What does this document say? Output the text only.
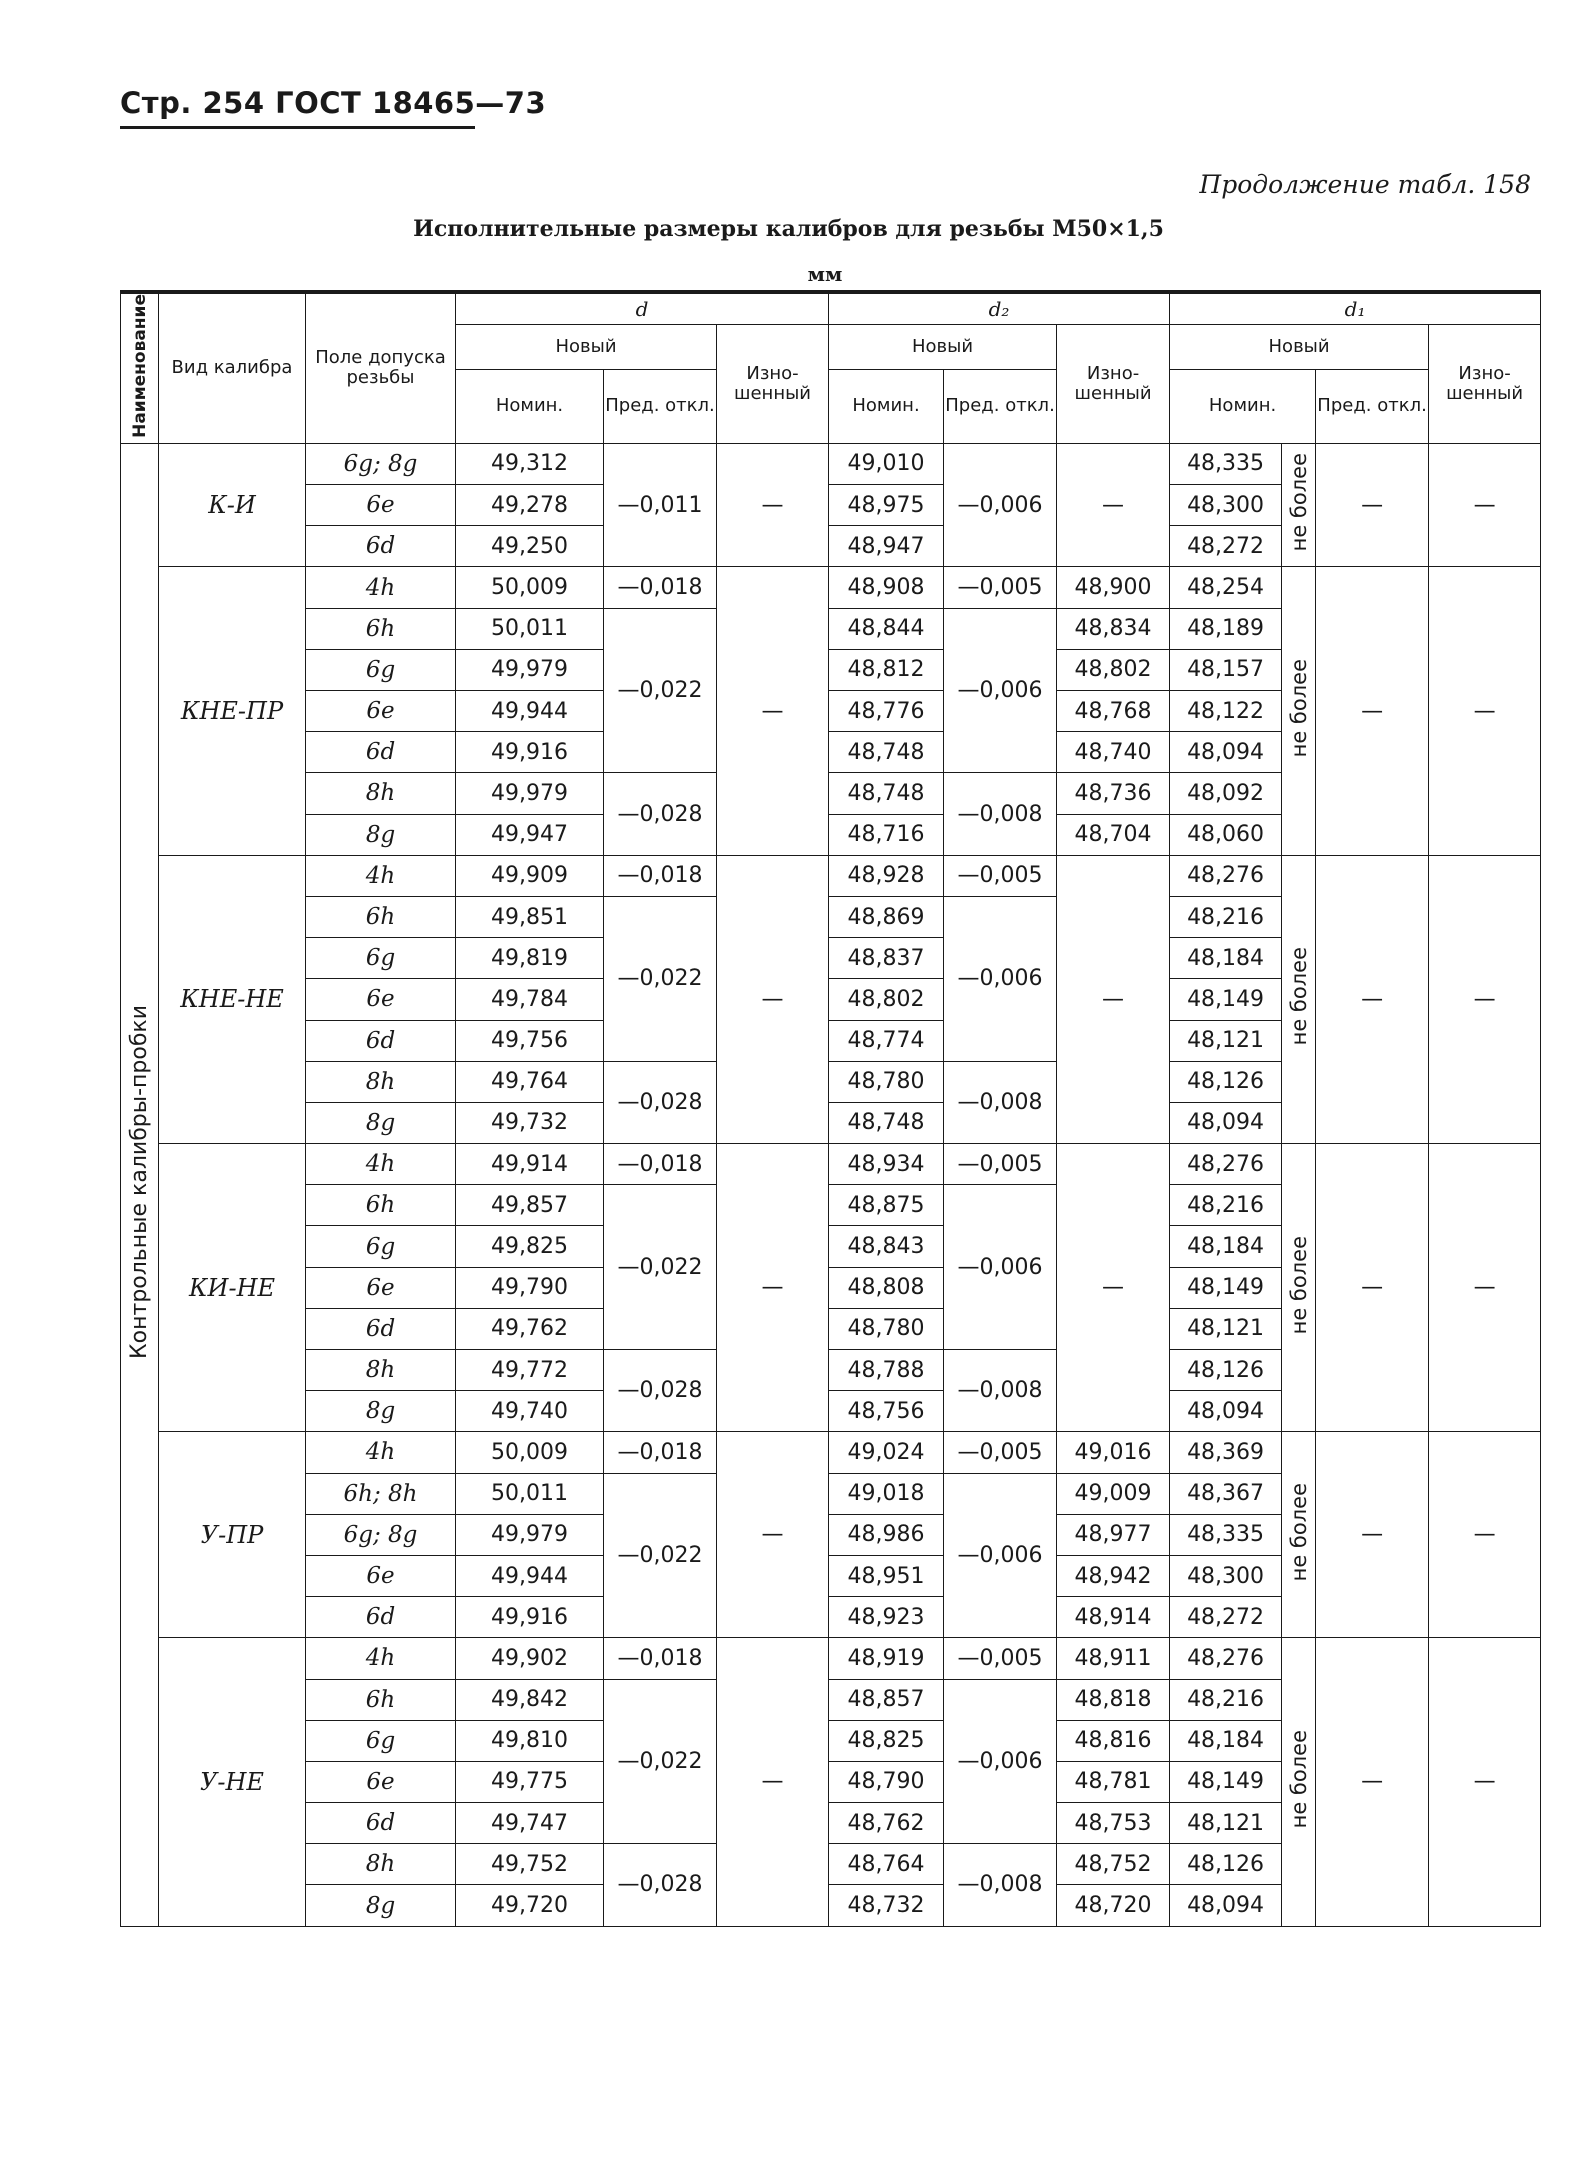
Стр. 254 ГОСТ 18465—73
Продолжение табл. 158
Исполнительные размеры калибров для резьбы М50×1,5
мм
Наименование	Вид калибра	Поле допуска резьбы	d			d₂			d₁			
			Новый		Изно-шенный	Новый		Изно-шенный	Новый			Изно-шенный
			Номин.	Пред. откл.		Номин.	Пред. откл.		Номин.		Пред. откл.	
Контрольные калибры-пробки	К-И	6g; 8g	49,312	—0,011	—	49,010	—0,006	—	48,335	не более	—	—
		6e	49,278			48,975			48,300			
		6d	49,250			48,947			48,272			
	КНЕ-ПР	4h	50,009	—0,018	—	48,908	—0,005	48,900	48,254	не более	—	—
		6h	50,011	—0,022		48,844	—0,006	48,834	48,189			
		6g	49,979			48,812		48,802	48,157			
		6e	49,944			48,776		48,768	48,122			
		6d	49,916			48,748		48,740	48,094			
		8h	49,979	—0,028		48,748	—0,008	48,736	48,092			
		8g	49,947			48,716		48,704	48,060			
	КНЕ-НЕ	4h	49,909	—0,018	—	48,928	—0,005	—	48,276	не более	—	—
		6h	49,851	—0,022		48,869	—0,006		48,216			
		6g	49,819			48,837			48,184			
		6e	49,784			48,802			48,149			
		6d	49,756			48,774			48,121			
		8h	49,764	—0,028		48,780	—0,008		48,126			
		8g	49,732			48,748			48,094			
	КИ-НЕ	4h	49,914	—0,018	—	48,934	—0,005	—	48,276	не более	—	—
		6h	49,857	—0,022		48,875	—0,006		48,216			
		6g	49,825			48,843			48,184			
		6e	49,790			48,808			48,149			
		6d	49,762			48,780			48,121			
		8h	49,772	—0,028		48,788	—0,008		48,126			
		8g	49,740			48,756			48,094			
	У-ПР	4h	50,009	—0,018	—	49,024	—0,005	49,016	48,369	не более	—	—
		6h; 8h	50,011	—0,022		49,018	—0,006	49,009	48,367			
		6g; 8g	49,979			48,986		48,977	48,335			
		6e	49,944			48,951		48,942	48,300			
		6d	49,916			48,923		48,914	48,272			
	У-НЕ	4h	49,902	—0,018	—	48,919	—0,005	48,911	48,276	не более	—	—
		6h	49,842	—0,022		48,857	—0,006	48,818	48,216			
		6g	49,810			48,825		48,816	48,184			
		6e	49,775			48,790		48,781	48,149			
		6d	49,747			48,762		48,753	48,121			
		8h	49,752	—0,028		48,764	—0,008	48,752	48,126			
		8g	49,720			48,732		48,720	48,094			
